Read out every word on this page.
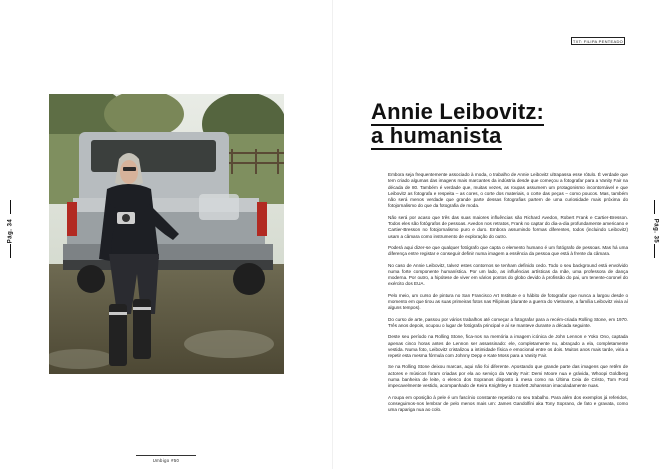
Pág. 34	Pág. 35
TXT: FILIPA PENTEADO
Annie Leibovitz:
a humanista

Embora seja frequentemente associado à moda, o trabalho de Annie Leibovitz ultrapassa esse rótulo. É verdade que tem criado algumas das imagens mais marcantes da indústria desde que começou a fotografar para a Vanity Fair na década de 80. Também é verdade que, muitas vezes, as roupas assumem um protagonismo incontornável e que Leibovitz as fotografa e respeita – as cores, o corte dos materiais, o corte das peças – como poucos. Mas, também não será menos verdade que grande parte dessas fotografias partem de uma curiosidade mais próxima do fotojornalismo do que da fotografia de moda.

Não será por acaso que três das suas maiores influências são Richard Avedon, Robert Frank e Cartier-Bresson. Todos eles são fotógrafos de pessoas. Avedon nos retratos, Frank no captar do dia-a-dia profundamente americano e Cartier-Bresson no fotojornalismo puro e duro. Embora assumindo formas diferentes, todos (incluindo Leibovitz) usam a câmara como instrumento de exploração do outro.

Poderá aqui dizer-se que qualquer fotógrafo que capta o elemento humano é um fotógrafo de pessoas. Mas há uma diferença entre registar e conseguir definir numa imagem a essência da pessoa que está à frente da câmara.

No caso de Annie Leibovitz, talvez estes contornos se tenham definido cedo. Todo o seu background está envolvido numa forte componente humanística. Por um lado, as influências artísticas da mãe, uma professora de dança moderna. Por outro, a hipótese de viver em vários pontos do globo devido à profissão do pai, um tenente-coronel do exército dos EUA.

Pelo meio, um curso de pintura no San Francisco Art Institute e o hábito de fotografar que nunca a largou desde o momento em que tirou as suas primeiras fotos nas Filipinas (durante a guerra do Vietname, a família Leibovitz vivia aí alguns tempos).

Do curso de arte, passou por vários trabalhos até começar a fotografar para a recém-criada Rolling Stone, em 1970. Três anos depois, ocupou o lugar de fotógrafa principal e aí se manteve durante a década seguinte.

Deste seu período na Rolling Stone, fica-nos na memória a imagem icónica de John Lennon e Yoko Ono, captada apenas cinco horas antes de Lennon ser assassinado: ele, completamente nu, abraçado a ela, completamente vestida. Numa foto, Leibovitz cristalizou a intimidade física e emocional entre os dois. Muitos anos mais tarde, viria a repetir esta mesma fórmula com Johnny Depp e Kate Moss para a Vanity Fair.

Se na Rolling Stone deixou marcas, aqui não foi diferente. Apostando que grande parte das imagens que retêm de actores e músicos foram criadas por ela ao serviço da Vanity Fair: Demi Moore nua e grávida, Whoopi Goldberg numa banheira de leite, o elenco dos Sopranos disposto à mesa como na Última Ceia de Cristo, Tom Ford impecavelmente vestido, acompanhado de Keira Knightley e Scarlett Johansson imaculadamente nuas.

A roupa em oposição à pele é um fascínio constante repetido no seu trabalho. Para além dos exemplos já referidos, conseguimos-nos lembrar de pelo menos mais um: James Gandolfini aka Tony Soprano, de fato e gravata, como uma rapariga nua ao colo.

Umbigo #50
